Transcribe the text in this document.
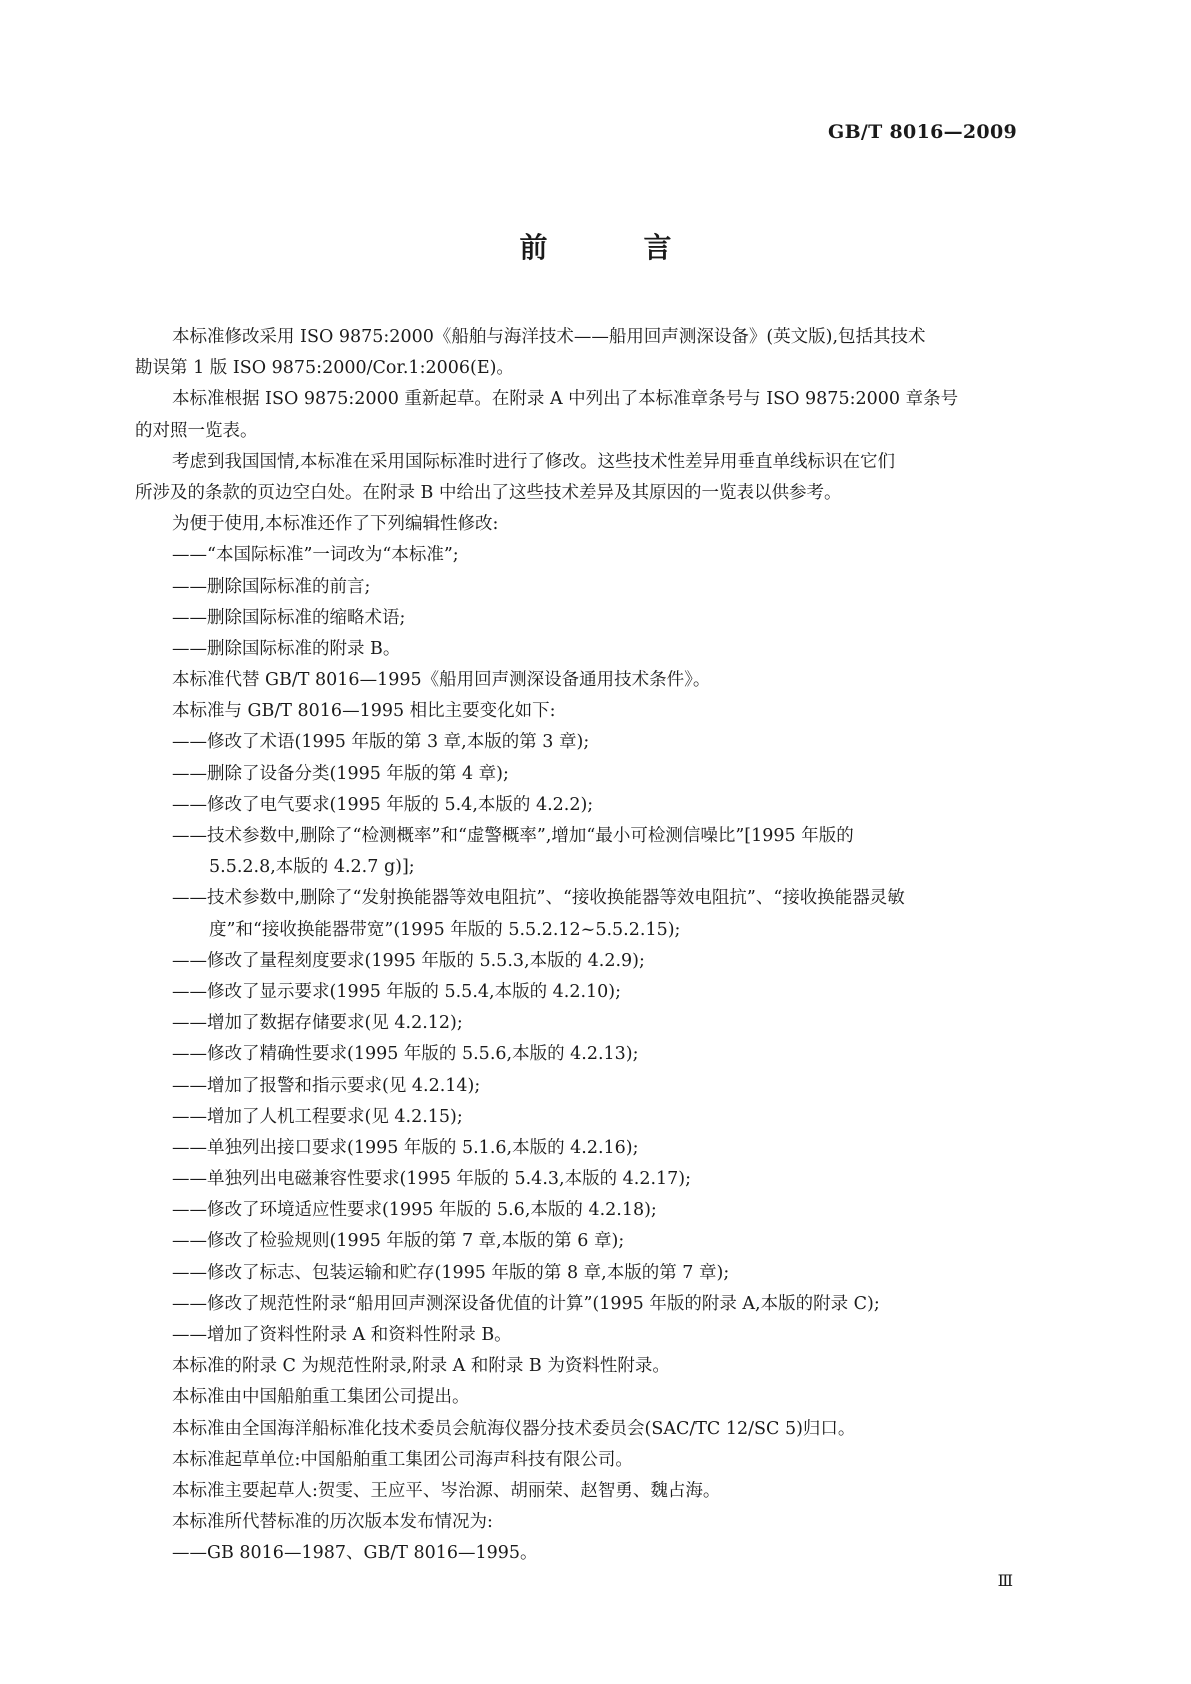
GB/T 8016—2009
前　言
本标准修改采用 ISO 9875:2000《船舶与海洋技术——船用回声测深设备》(英文版),包括其技术
勘误第 1 版 ISO 9875:2000/Cor.1:2006(E)。
本标准根据 ISO 9875:2000 重新起草。在附录 A 中列出了本标准章条号与 ISO 9875:2000 章条号
的对照一览表。
考虑到我国国情,本标准在采用国际标准时进行了修改。这些技术性差异用垂直单线标识在它们
所涉及的条款的页边空白处。在附录 B 中给出了这些技术差异及其原因的一览表以供参考。
为便于使用,本标准还作了下列编辑性修改:
——“本国际标准”一词改为“本标准”;
——删除国际标准的前言;
——删除国际标准的缩略术语;
——删除国际标准的附录 B。
本标准代替 GB/T 8016—1995《船用回声测深设备通用技术条件》。
本标准与 GB/T 8016—1995 相比主要变化如下:
——修改了术语(1995 年版的第 3 章,本版的第 3 章);
——删除了设备分类(1995 年版的第 4 章);
——修改了电气要求(1995 年版的 5.4,本版的 4.2.2);
——技术参数中,删除了“检测概率”和“虚警概率”,增加“最小可检测信噪比”[1995 年版的
5.5.2.8,本版的 4.2.7 g)];
——技术参数中,删除了“发射换能器等效电阻抗”、“接收换能器等效电阻抗”、“接收换能器灵敏
度”和“接收换能器带宽”(1995 年版的 5.5.2.12~5.5.2.15);
——修改了量程刻度要求(1995 年版的 5.5.3,本版的 4.2.9);
——修改了显示要求(1995 年版的 5.5.4,本版的 4.2.10);
——增加了数据存储要求(见 4.2.12);
——修改了精确性要求(1995 年版的 5.5.6,本版的 4.2.13);
——增加了报警和指示要求(见 4.2.14);
——增加了人机工程要求(见 4.2.15);
——单独列出接口要求(1995 年版的 5.1.6,本版的 4.2.16);
——单独列出电磁兼容性要求(1995 年版的 5.4.3,本版的 4.2.17);
——修改了环境适应性要求(1995 年版的 5.6,本版的 4.2.18);
——修改了检验规则(1995 年版的第 7 章,本版的第 6 章);
——修改了标志、包装运输和贮存(1995 年版的第 8 章,本版的第 7 章);
——修改了规范性附录“船用回声测深设备优值的计算”(1995 年版的附录 A,本版的附录 C);
——增加了资料性附录 A 和资料性附录 B。
本标准的附录 C 为规范性附录,附录 A 和附录 B 为资料性附录。
本标准由中国船舶重工集团公司提出。
本标准由全国海洋船标准化技术委员会航海仪器分技术委员会(SAC/TC 12/SC 5)归口。
本标准起草单位:中国船舶重工集团公司海声科技有限公司。
本标准主要起草人:贺雯、王应平、岑治源、胡丽荣、赵智勇、魏占海。
本标准所代替标准的历次版本发布情况为:
——GB 8016—1987、GB/T 8016—1995。
Ⅲ
